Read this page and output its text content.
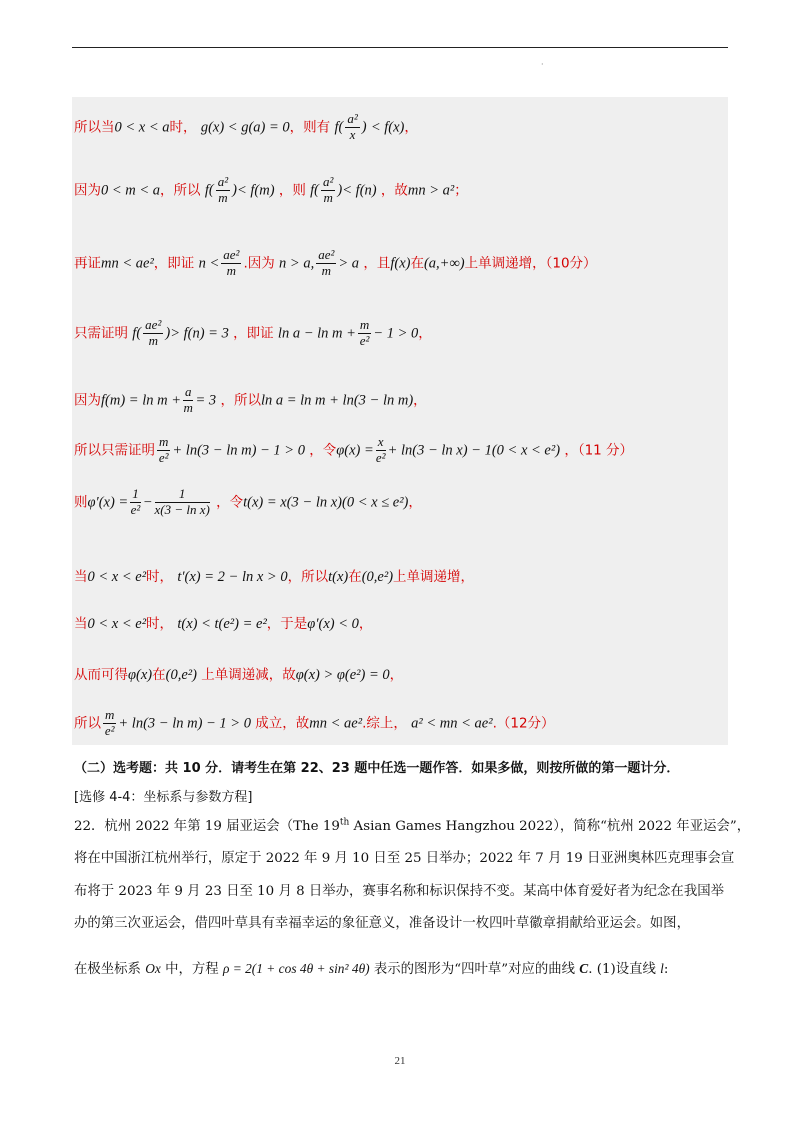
·
所以当0 < x < a时， g(x) < g(a) = 0，则有 $f( \frac{\text{a²}}{x}$ ) < f(x)，
因为0 < m < a，所以 $f( \frac{\text{a²}}{m}$ )< f(m) ，则 $f( \frac{\text{a²}}{m}$ )< f(n) ，故mn > a²；
再证mn < ae²，即证 $n < \frac{\text{ae²}}{m}$ .因为 n > a, $\frac{\text{ae²}}{m} > a$ ，且f(x)在(a,+∞)上单调递增，（10分）
只需证明 $f( \frac{\text{ae²}}{m}$ )> f(n) = 3 ，即证 $\ln a - \ln m + \frac{m}{\text{e²}} - 1 > 0$，
因为$f(m) = \ln m + \frac{a}{m} = 3$ ，所以ln a = ln m + ln(3 − ln m)，
所以只需证明 $\frac{m}{\text{e²}} + \ln(3 - \ln m) - 1 > 0$ ，令$\varphi(x) = \frac{x}{\text{e²}} + \ln(3 - \ln x) - 1(0 < x < e^2)$ ，（11 分）
则$\varphi'(x) = \frac{1}{\text{e²}} - \frac{1}{\text{x(3 − ln x)}}$ ，令t(x) = x(3 − ln x)(0 < x ≤ e²)，
当0 < x < e²时， t′(x) = 2 − ln x > 0，所以t(x)在(0,e²)上单调递增，
当0 < x < e²时， t(x) < t(e²) = e²，于是φ′(x) < 0，
从而可得φ(x)在(0,e²) 上单调递减，故φ(x) > φ(e²) = 0，
所以 $\frac{m}{\text{e²}} + \ln(3 - \ln m) - 1 > 0$ 成立，故mn < ae².综上， a² < mn < ae².（12分）
（二）选考题：共 10 分．请考生在第 22、23 题中任选一题作答．如果多做，则按所做的第一题计分．
[选修 4-4：坐标系与参数方程]
22．杭州 2022 年第 19 届亚运会（The 19th Asian Games Hangzhou 2022），简称“杭州 2022 年亚运会”，
将在中国浙江杭州举行，原定于 2022 年 9 月 10 日至 25 日举办；2022 年 7 月 19 日亚洲奥林匹克理事会宣
布将于 2023 年 9 月 23 日至 10 月 8 日举办，赛事名称和标识保持不变。某高中体育爱好者为纪念在我国举
办的第三次亚运会，借四叶草具有幸福幸运的象征意义，准备设计一枚四叶草徽章捐献给亚运会。如图，
在极坐标系 Ox 中，方程 ρ = 2(1 + cos 4θ + sin² 4θ) 表示的图形为“四叶草”对应的曲线 C. (1)设直线 l:
21
